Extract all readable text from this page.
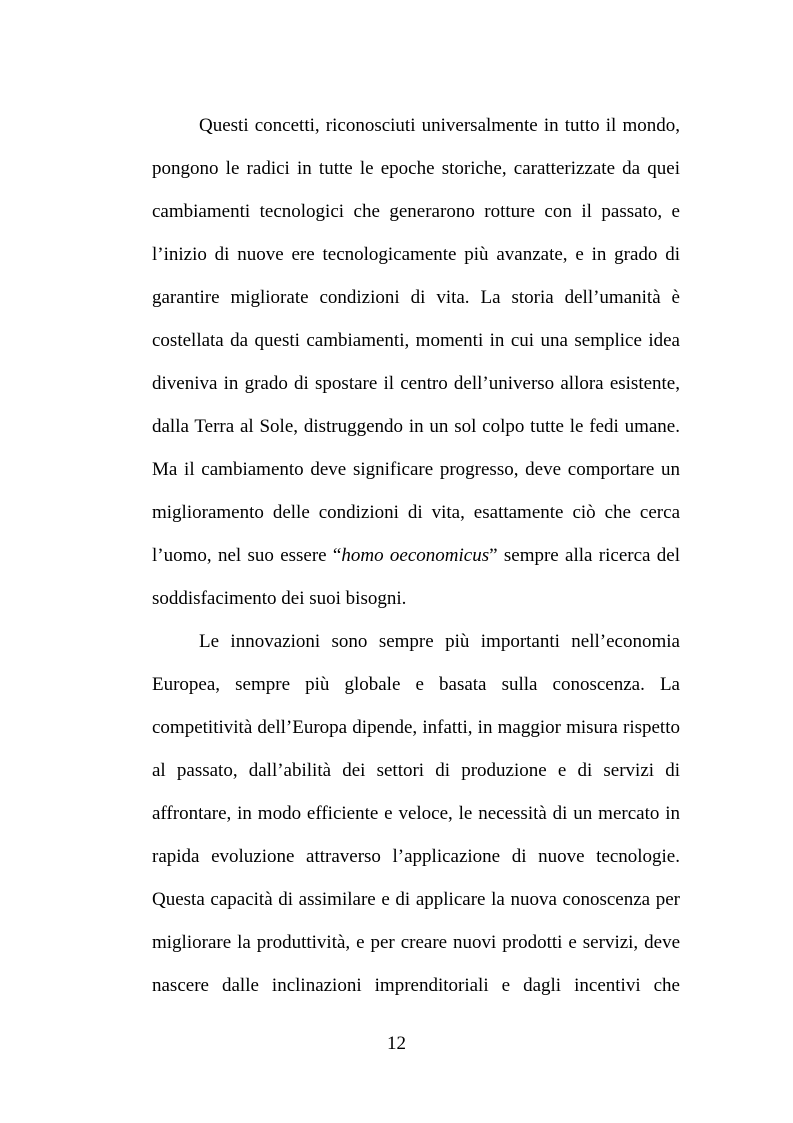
Questi concetti, riconosciuti universalmente in tutto il mondo,
pongono le radici in tutte le epoche storiche, caratterizzate da quei
cambiamenti tecnologici che generarono rotture con il passato, e
l’inizio di nuove ere tecnologicamente più avanzate, e in grado di
garantire migliorate condizioni di vita. La storia dell’umanità è
costellata da questi cambiamenti, momenti in cui una semplice idea
diveniva in grado di spostare il centro dell’universo allora esistente,
dalla Terra al Sole, distruggendo in un sol colpo tutte le fedi umane.
Ma il cambiamento deve significare progresso, deve comportare un
miglioramento delle condizioni di vita, esattamente ciò che cerca
l’uomo, nel suo essere “homo oeconomicus” sempre alla ricerca del
soddisfacimento dei suoi bisogni.
Le innovazioni sono sempre più importanti nell’economia
Europea, sempre più globale e basata sulla conoscenza. La
competitività dell’Europa dipende, infatti, in maggior misura rispetto
al passato, dall’abilità dei settori di produzione e di servizi di
affrontare, in modo efficiente e veloce, le necessità di un mercato in
rapida evoluzione attraverso l’applicazione di nuove tecnologie.
Questa capacità di assimilare e di applicare la nuova conoscenza per
migliorare la produttività, e per creare nuovi prodotti e servizi, deve
nascere dalle inclinazioni imprenditoriali e dagli incentivi che
12
